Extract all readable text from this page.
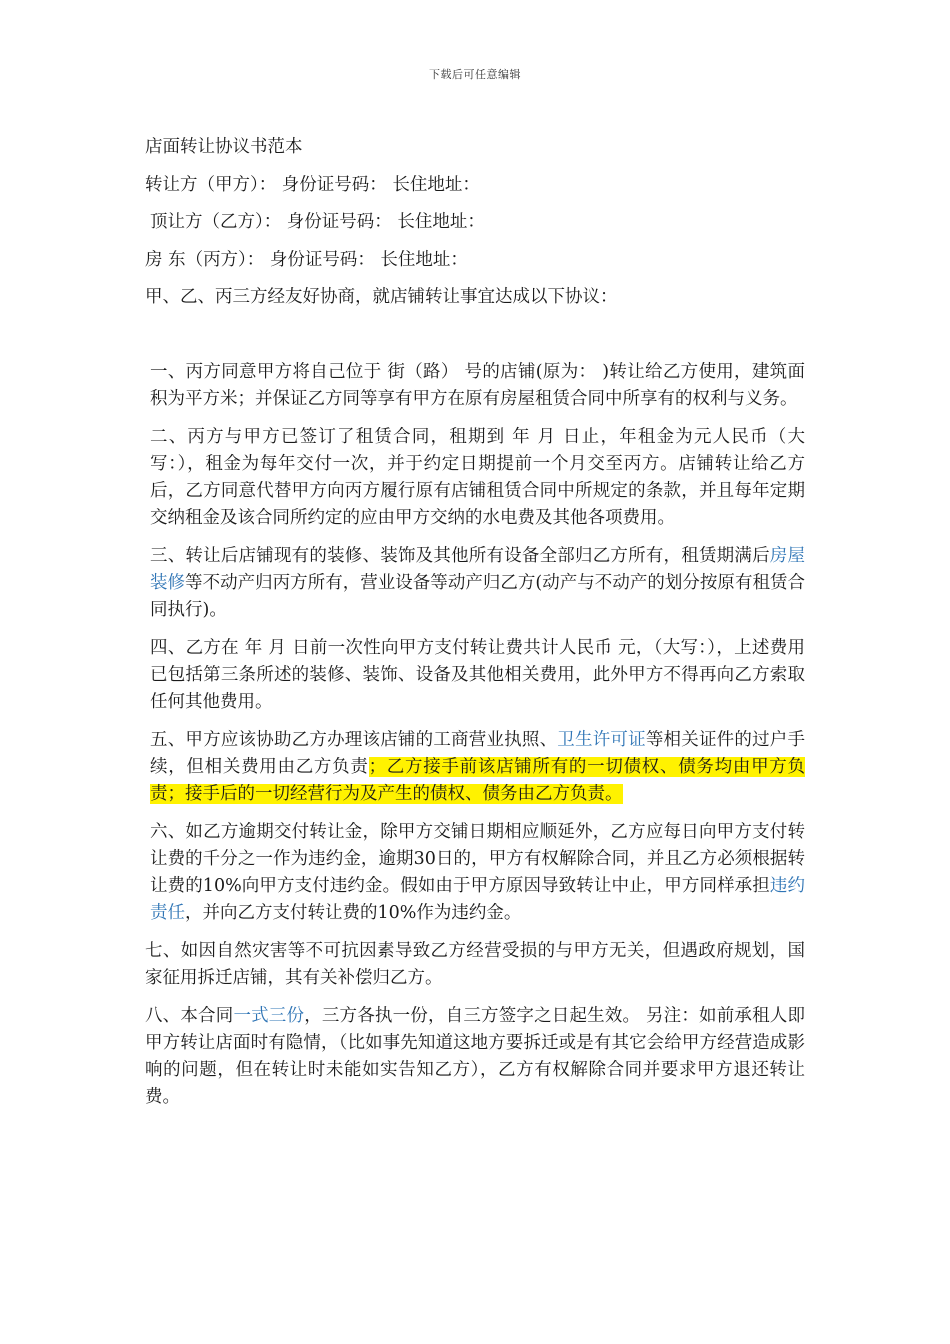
下载后可任意编辑
店面转让协议书范本
转让方（甲方）： 身份证号码： 长住地址：
顶让方（乙方）： 身份证号码： 长住地址：
房 东（丙方）： 身份证号码： 长住地址：
甲、乙、丙三方经友好协商，就店铺转让事宜达成以下协议：

一、丙方同意甲方将自己位于 街（路） 号的店铺(原为： )转让给乙方使用，建筑面积为平方米；并保证乙方同等享有甲方在原有房屋租赁合同中所享有的权利与义务。

二、丙方与甲方已签订了租赁合同，租期到 年 月 日止，年租金为元人民币（大写：），租金为每年交付一次，并于约定日期提前一个月交至丙方。店铺转让给乙方后，乙方同意代替甲方向丙方履行原有店铺租赁合同中所规定的条款，并且每年定期交纳租金及该合同所约定的应由甲方交纳的水电费及其他各项费用。

三、转让后店铺现有的装修、装饰及其他所有设备全部归乙方所有，租赁期满后房屋装修等不动产归丙方所有，营业设备等动产归乙方(动产与不动产的划分按原有租赁合同执行)。

四、乙方在 年 月 日前一次性向甲方支付转让费共计人民币 元，（大写：），上述费用已包括第三条所述的装修、装饰、设备及其他相关费用，此外甲方不得再向乙方索取任何其他费用。

五、甲方应该协助乙方办理该店铺的工商营业执照、卫生许可证等相关证件的过户手续，但相关费用由乙方负责；乙方接手前该店铺所有的一切债权、债务均由甲方负责；接手后的一切经营行为及产生的债权、债务由乙方负责。

六、如乙方逾期交付转让金，除甲方交铺日期相应顺延外，乙方应每日向甲方支付转让费的千分之一作为违约金，逾期30日的，甲方有权解除合同，并且乙方必须根据转让费的10%向甲方支付违约金。假如由于甲方原因导致转让中止，甲方同样承担违约责任，并向乙方支付转让费的10%作为违约金。

七、如因自然灾害等不可抗因素导致乙方经营受损的与甲方无关，但遇政府规划，国家征用拆迁店铺，其有关补偿归乙方。

八、本合同一式三份，三方各执一份，自三方签字之日起生效。 另注：如前承租人即甲方转让店面时有隐情，（比如事先知道这地方要拆迁或是有其它会给甲方经营造成影响的问题，但在转让时未能如实告知乙方），乙方有权解除合同并要求甲方退还转让费。
